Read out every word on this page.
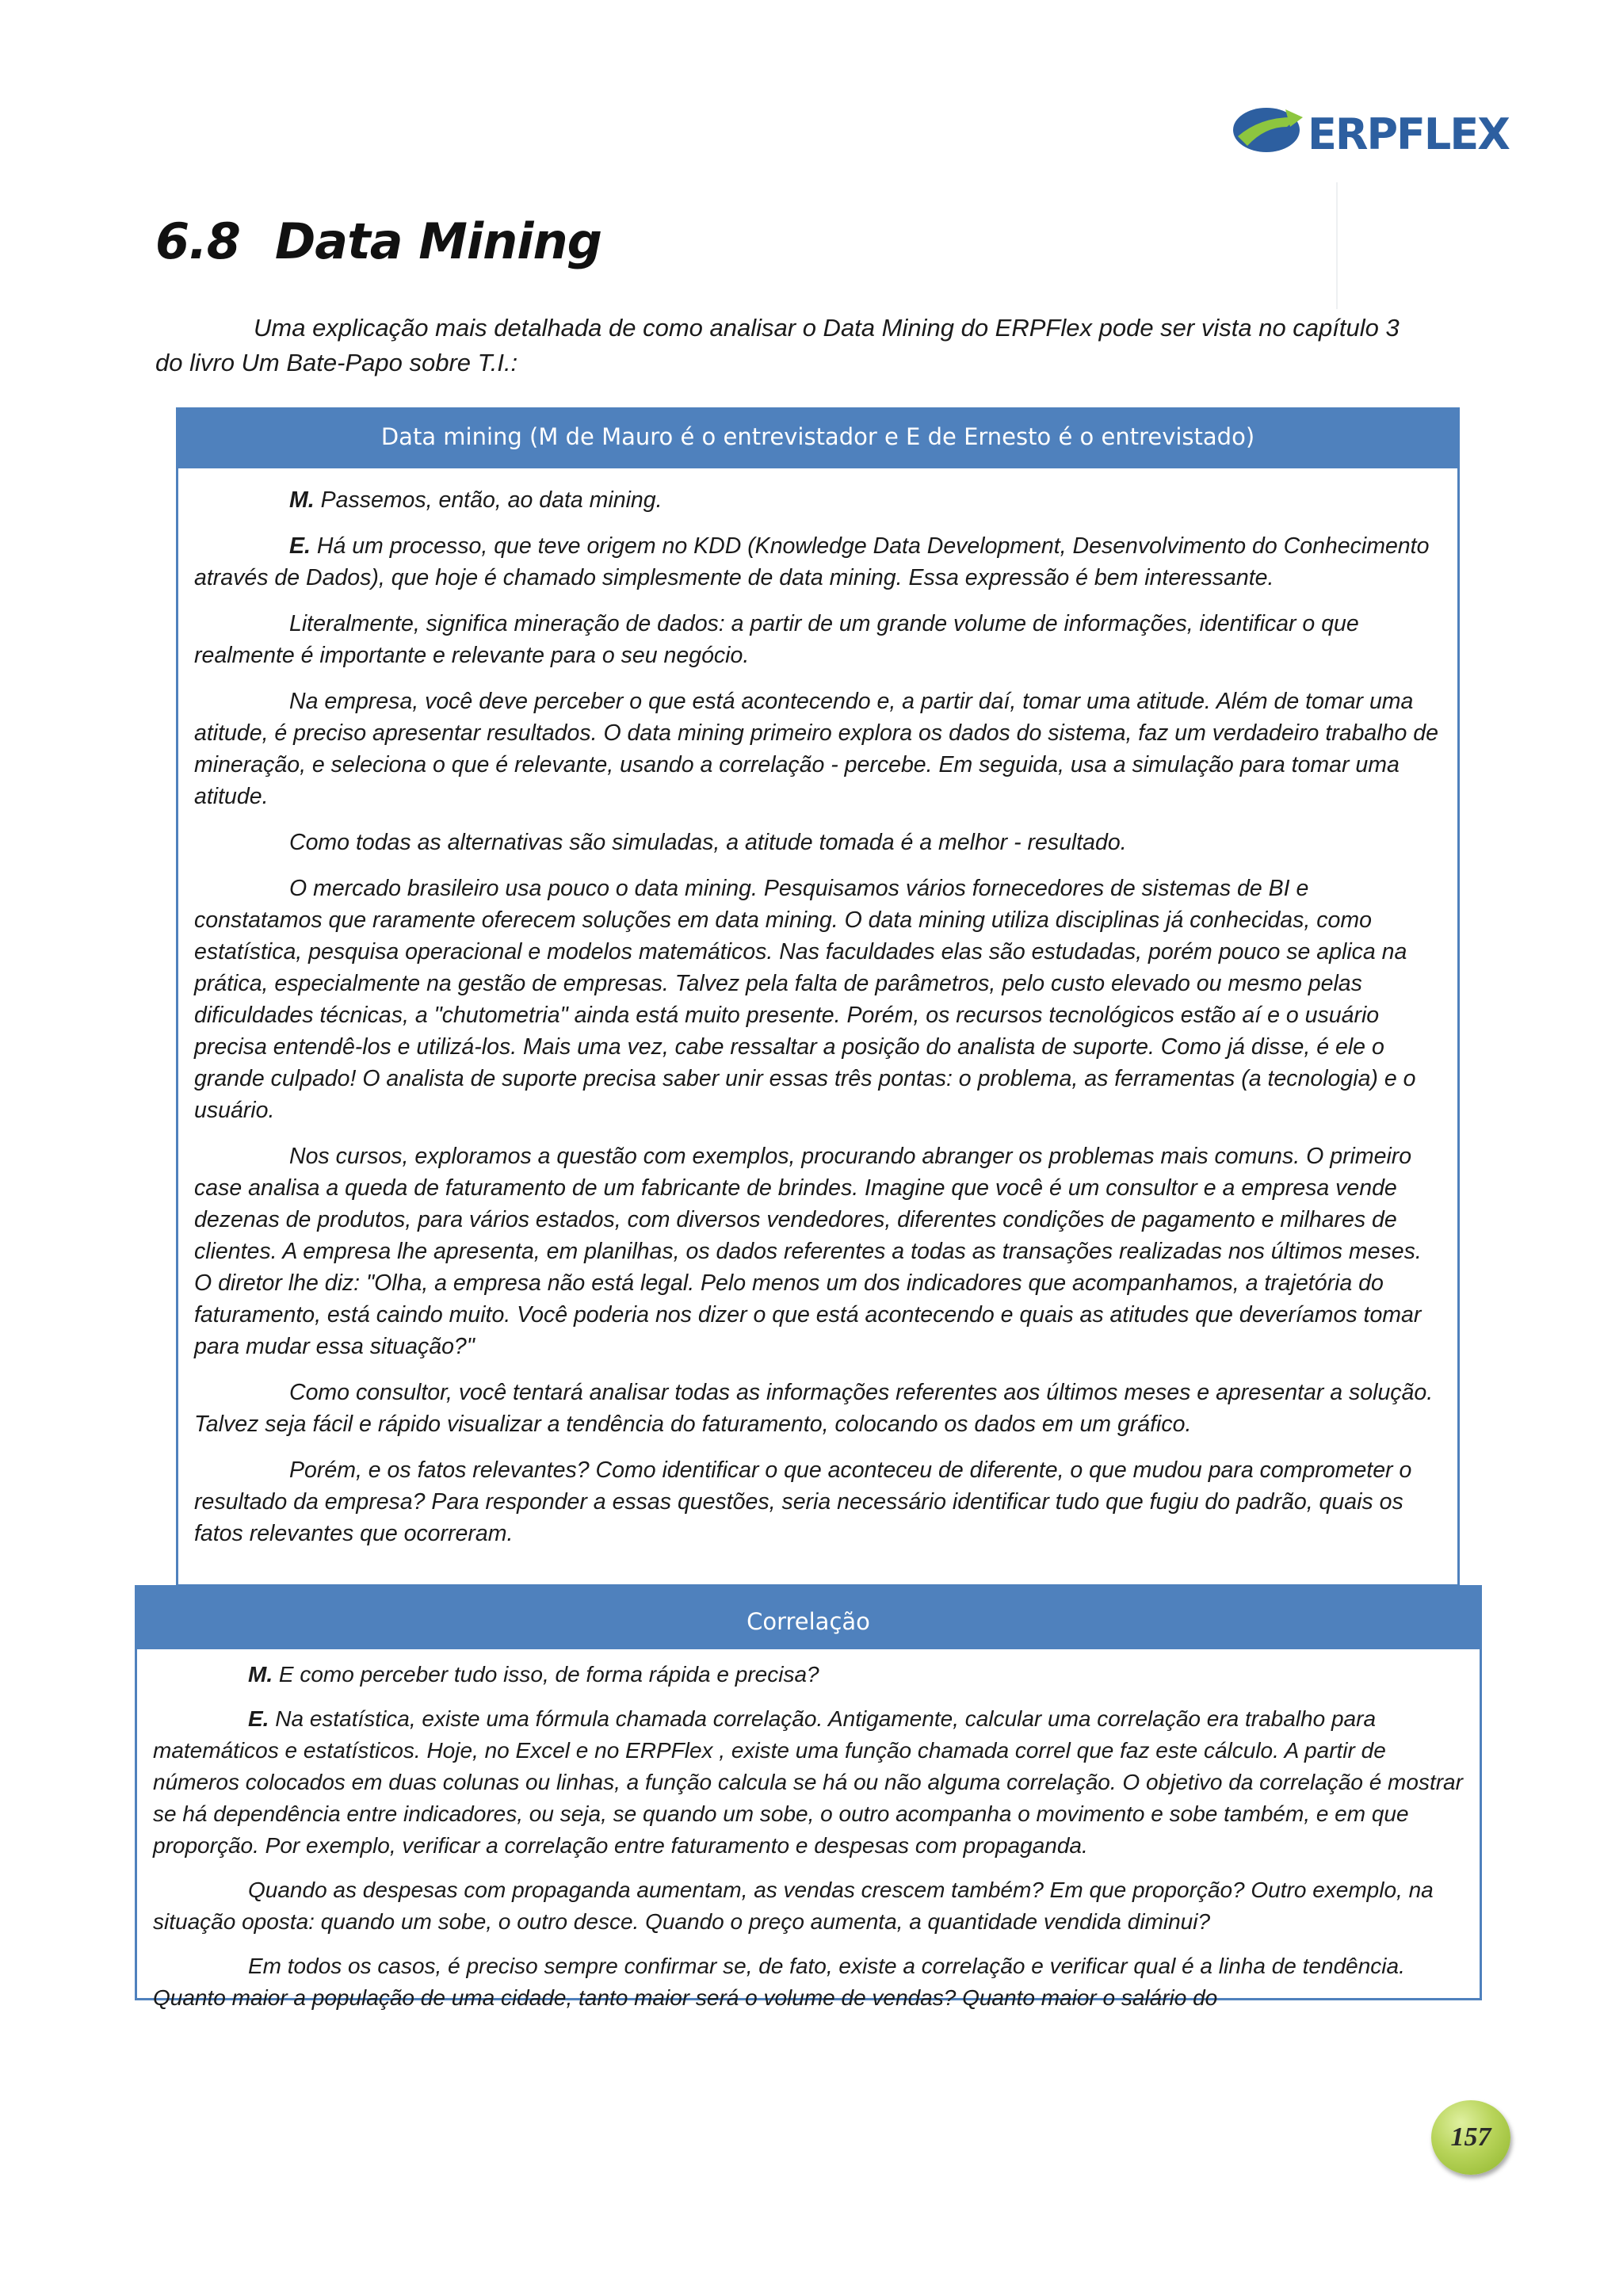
ERPFLEX
6.8 Data Mining

Uma explicação mais detalhada de como analisar o Data Mining do ERPFlex pode ser vista no capítulo 3
do livro Um Bate-Papo sobre T.I.:

Data mining (M de Mauro é o entrevistador e E de Ernesto é o entrevistado)

M. Passemos, então, ao data mining.

E. Há um processo, que teve origem no KDD (Knowledge Data Development, Desenvolvimento do Conhecimento através de Dados), que hoje é chamado simplesmente de data mining. Essa expressão é bem interessante.

Literalmente, significa mineração de dados: a partir de um grande volume de informações, identificar o que realmente é importante e relevante para o seu negócio.

Na empresa, você deve perceber o que está acontecendo e, a partir daí, tomar uma atitude. Além de tomar uma atitude, é preciso apresentar resultados. O data mining primeiro explora os dados do sistema, faz um verdadeiro trabalho de mineração, e seleciona o que é relevante, usando a correlação - percebe. Em seguida, usa a simulação para tomar uma atitude.

Como todas as alternativas são simuladas, a atitude tomada é a melhor - resultado.

O mercado brasileiro usa pouco o data mining. Pesquisamos vários fornecedores de sistemas de BI e constatamos que raramente oferecem soluções em data mining. O data mining utiliza disciplinas já conhecidas, como estatística, pesquisa operacional e modelos matemáticos. Nas faculdades elas são estudadas, porém pouco se aplica na prática, especialmente na gestão de empresas. Talvez pela falta de parâmetros, pelo custo elevado ou mesmo pelas dificuldades técnicas, a "chutometria" ainda está muito presente. Porém, os recursos tecnológicos estão aí e o usuário precisa entendê-los e utilizá-los. Mais uma vez, cabe ressaltar a posição do analista de suporte. Como já disse, é ele o grande culpado! O analista de suporte precisa saber unir essas três pontas: o problema, as ferramentas (a tecnologia) e o usuário.

Nos cursos, exploramos a questão com exemplos, procurando abranger os problemas mais comuns. O primeiro case analisa a queda de faturamento de um fabricante de brindes. Imagine que você é um consultor e a empresa vende dezenas de produtos, para vários estados, com diversos vendedores, diferentes condições de pagamento e milhares de clientes. A empresa lhe apresenta, em planilhas, os dados referentes a todas as transações realizadas nos últimos meses. O diretor lhe diz: "Olha, a empresa não está legal. Pelo menos um dos indicadores que acompanhamos, a trajetória do faturamento, está caindo muito. Você poderia nos dizer o que está acontecendo e quais as atitudes que deveríamos tomar para mudar essa situação?"

Como consultor, você tentará analisar todas as informações referentes aos últimos meses e apresentar a solução. Talvez seja fácil e rápido visualizar a tendência do faturamento, colocando os dados em um gráfico.

Porém, e os fatos relevantes? Como identificar o que aconteceu de diferente, o que mudou para comprometer o resultado da empresa? Para responder a essas questões, seria necessário identificar tudo que fugiu do padrão, quais os fatos relevantes que ocorreram.

Correlação

M. E como perceber tudo isso, de forma rápida e precisa?

E. Na estatística, existe uma fórmula chamada correlação. Antigamente, calcular uma correlação era trabalho para matemáticos e estatísticos. Hoje, no Excel e no ERPFlex , existe uma função chamada correl que faz este cálculo. A partir de números colocados em duas colunas ou linhas, a função calcula se há ou não alguma correlação. O objetivo da correlação é mostrar se há dependência entre indicadores, ou seja, se quando um sobe, o outro acompanha o movimento e sobe também, e em que proporção. Por exemplo, verificar a correlação entre faturamento e despesas com propaganda.

Quando as despesas com propaganda aumentam, as vendas crescem também? Em que proporção? Outro exemplo, na situação oposta: quando um sobe, o outro desce. Quando o preço aumenta, a quantidade vendida diminui?

Em todos os casos, é preciso sempre confirmar se, de fato, existe a correlação e verificar qual é a linha de tendência. Quanto maior a população de uma cidade, tanto maior será o volume de vendas? Quanto maior o salário do

157
